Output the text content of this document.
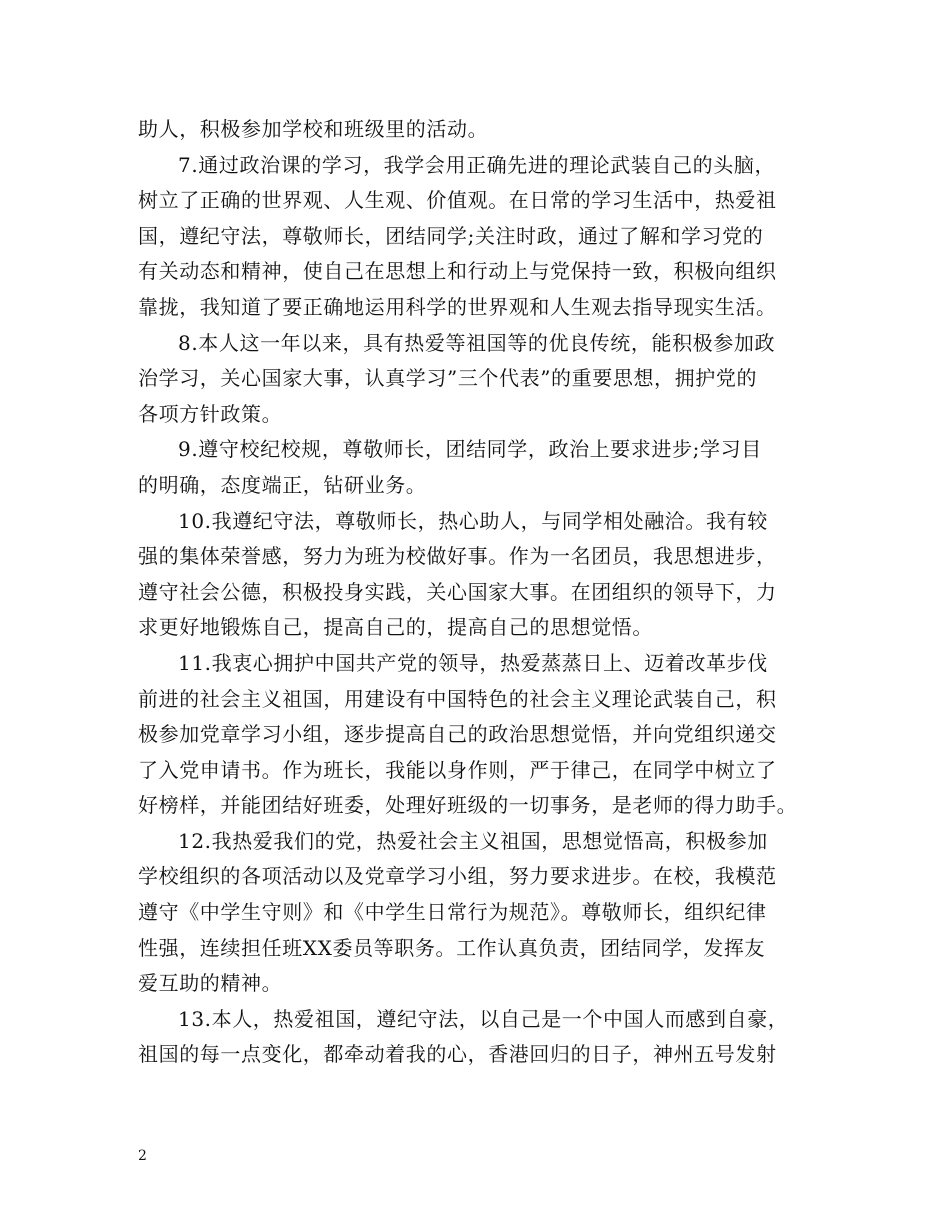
助人，积极参加学校和班级里的活动。
7.通过政治课的学习，我学会用正确先进的理论武装自己的头脑，
树立了正确的世界观、人生观、价值观。在日常的学习生活中，热爱祖
国，遵纪守法，尊敬师长，团结同学;关注时政，通过了解和学习党的
有关动态和精神，使自己在思想上和行动上与党保持一致，积极向组织
靠拢，我知道了要正确地运用科学的世界观和人生观去指导现实生活。
8.本人这一年以来，具有热爱等祖国等的优良传统，能积极参加政
治学习，关心国家大事，认真学习”三个代表”的重要思想，拥护党的
各项方针政策。
9.遵守校纪校规，尊敬师长，团结同学，政治上要求进步;学习目
的明确，态度端正，钻研业务。
10.我遵纪守法，尊敬师长，热心助人，与同学相处融洽。我有较
强的集体荣誉感，努力为班为校做好事。作为一名团员，我思想进步，
遵守社会公德，积极投身实践，关心国家大事。在团组织的领导下，力
求更好地锻炼自己，提高自己的，提高自己的思想觉悟。
11.我衷心拥护中国共产党的领导，热爱蒸蒸日上、迈着改革步伐
前进的社会主义祖国，用建设有中国特色的社会主义理论武装自己，积
极参加党章学习小组，逐步提高自己的政治思想觉悟，并向党组织递交
了入党申请书。作为班长，我能以身作则，严于律己，在同学中树立了
好榜样，并能团结好班委，处理好班级的一切事务，是老师的得力助手。
12.我热爱我们的党，热爱社会主义祖国，思想觉悟高，积极参加
学校组织的各项活动以及党章学习小组，努力要求进步。在校，我模范
遵守《中学生守则》和《中学生日常行为规范》。尊敬师长，组织纪律
性强，连续担任班XX委员等职务。工作认真负责，团结同学，发挥友
爱互助的精神。
13.本人，热爱祖国，遵纪守法，以自己是一个中国人而感到自豪，
祖国的每一点变化，都牵动着我的心，香港回归的日子，神州五号发射
2
